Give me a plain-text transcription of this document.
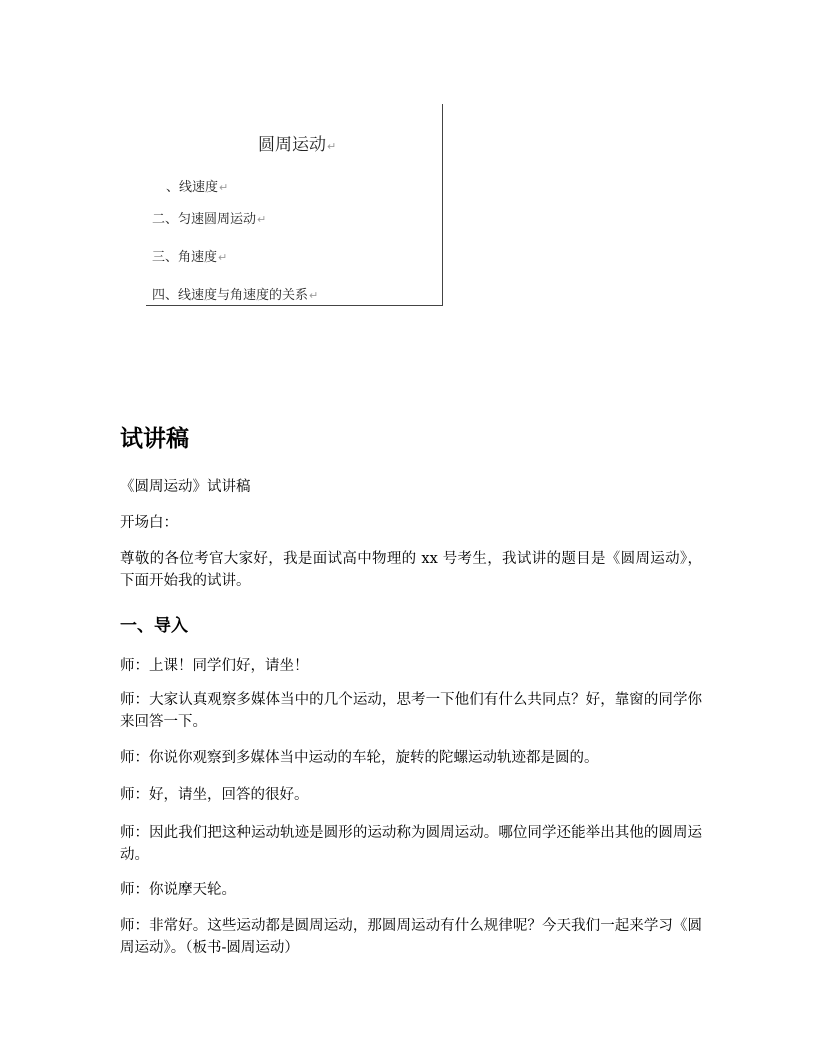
圆周运动↵
、线速度↵
二、匀速圆周运动↵
三、角速度↵
四、线速度与角速度的关系↵
试讲稿
《圆周运动》试讲稿
开场白：
尊敬的各位考官大家好，我是面试高中物理的 xx 号考生，我试讲的题目是《圆周运动》，下面开始我的试讲。
一、导入
师：上课！同学们好，请坐！
师：大家认真观察多媒体当中的几个运动，思考一下他们有什么共同点？好，靠窗的同学你来回答一下。
师：你说你观察到多媒体当中运动的车轮，旋转的陀螺运动轨迹都是圆的。
师：好，请坐，回答的很好。
师：因此我们把这种运动轨迹是圆形的运动称为圆周运动。哪位同学还能举出其他的圆周运动。
师：你说摩天轮。
师：非常好。这些运动都是圆周运动，那圆周运动有什么规律呢？今天我们一起来学习《圆周运动》。（板书-圆周运动）
